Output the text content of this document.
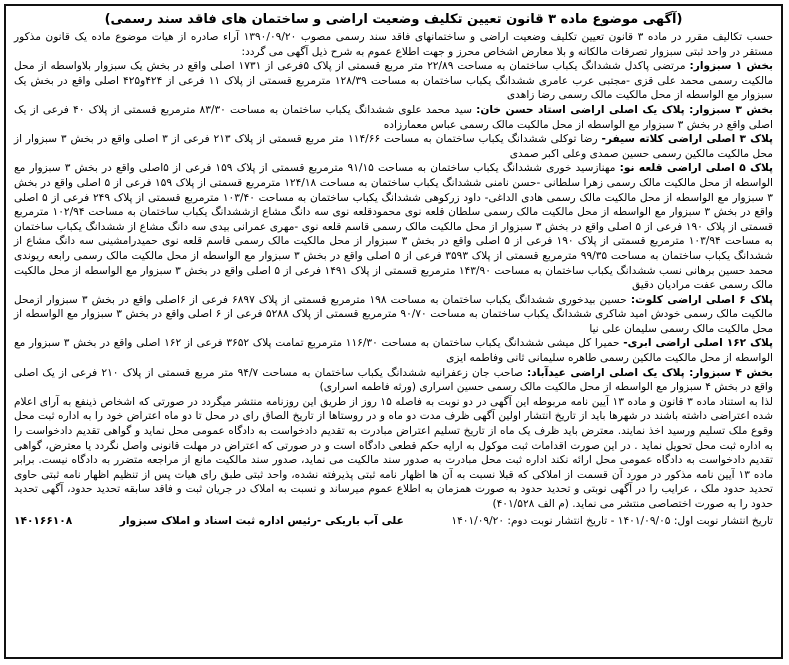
(آگهی موضوع ماده ۳ قانون تعیین تکلیف وضعیت اراضی و ساختمان های فاقد سند رسمی)

حسب تکالیف مقرر در ماده ۳ قانون تعیین تکلیف وضعیت اراضی و ساختمانهای فاقد سند رسمی مصوب ۱۳۹۰/۰۹/۲۰ آراء صادره از هیات موضوع ماده یک قانون مذکور مستقر در واحد ثبتی سبزوار تصرفات مالکانه و بلا معارض اشخاص محرز و جهت اطلاع عموم به شرح ذیل آگهی می گردد:

بخش ۱ سبزوار: مرتضی پاکدل ششدانگ یکباب ساختمان به مساحت ۲۲/۸۹ متر مربع قسمتی از پلاک ۵فرعی از ۱۷۳۱ اصلی واقع در بخش یک سبزوار بلاواسطه از محل مالکیت رسمی محمد علی قزی -مجتبی عرب عامری ششدانگ یکباب ساختمان به مساحت ۱۲۸/۳۹ مترمربع قسمتی از پلاک ۱۱ فرعی از ۴۲۴و۴۲۵ اصلی واقع در بخش یک سبزوار مع الواسطه از محل مالکیت مالک رسمی رضا زاهدی

بخش ۳ سبزوار: پلاک یک اصلی اراضی استاد حسن خان: سید محمد علوی ششدانگ یکباب ساختمان به مساحت ۸۳/۳۰ مترمربع قسمتی از پلاک ۴۰ فرعی از یک اصلی واقع در بخش ۳ سبزوار مع الواسطه از محل مالکیت مالک رسمی عباس معمارزاده

پلاک ۳ اصلی اراضی کلاته سیفر- رضا توکلی ششدانگ یکباب ساختمان به مساحت ۱۱۴/۶۶ متر مربع قسمتی از پلاک ۲۱۳ فرعی از ۳ اصلی واقع در بخش ۳ سبزوار از محل مالکیت مالکین رسمی حسین صمدی وعلی اکبر صمدی

پلاک ۵ اصلی اراضی قلعه نو: مهنازسید خوری ششدانگ یکباب ساختمان به مساحت ۹۱/۱۵ مترمربع قسمتی از پلاک ۱۵۹ فرعی از ۵اصلی واقع در بخش ۳ سبزوار مع الواسطه از محل مالکیت مالک رسمی زهرا سلطانی -حسن نامنی ششدانگ یکباب ساختمان به مساحت ۱۲۴/۱۸ مترمربع قسمتی از پلاک ۱۵۹ فرعی از ۵ اصلی واقع در بخش ۳ سبزوار مع الواسطه از محل مالکیت مالک رسمی هادی الداغی- داود زرکوهی ششدانگ یکباب ساختمان به مساحت ۱۰۳/۴۰ مترمربع قسمتی از پلاک ۲۴۹ فرعی از ۵ اصلی واقع در بخش ۳ سبزوار مع الواسطه از محل مالکیت مالک رسمی سلطان قلعه نوی محمودقلعه نوی سه دانگ مشاع ازششدانگ یکباب ساختمان به مساحت ۱۰۲/۹۴ مترمربع قسمتی از پلاک ۱۹۰ فرعی از ۵ اصلی واقع در بخش ۳ سبزوار از محل مالکیت مالک رسمی قاسم قلعه نوی -مهری عمرانی بیدی سه دانگ مشاع از ششدانگ یکباب ساختمان به مساحت ۱۰۳/۹۴ مترمربع قسمتی از پلاک ۱۹۰ فرعی از ۵ اصلی واقع در بخش ۳ سبزوار از محل مالکیت مالک رسمی قاسم قلعه نوی حمیدرامشینی سه دانگ مشاع از ششدانگ یکباب ساختمان به مساحت ۹۹/۳۵ مترمربع قسمتی از پلاک ۳۵۹۳ فرعی از ۵ اصلی واقع در بخش ۳ سبزوار مع الواسطه از محل مالکیت مالک رسمی رابعه ریوندی محمد حسین برهانی نسب ششدانگ یکباب ساختمان به مساحت ۱۴۳/۹۰ مترمربع قسمتی از پلاک ۱۴۹۱ فرعی از ۵ اصلی واقع در بخش ۳ سبزوار مع الواسطه از محل مالکیت مالک رسمی عفت مرادیان دقیق

پلاک ۶ اصلی اراضی کلوت: حسین بیدخوری ششدانگ یکباب ساختمان به مساحت ۱۹۸ مترمربع قسمتی از پلاک ۶۸۹۷ فرعی از ۶اصلی واقع در بخش ۳ سبزوار ازمحل مالکیت مالک رسمی خودش امید شاکری ششدانگ یکباب ساختمان به مساحت ۹۰/۷۰ مترمربع قسمتی از پلاک ۵۲۸۸ فرعی از ۶ اصلی واقع در بخش ۳ سبزوار مع الواسطه از محل مالکیت مالک رسمی سلیمان علی نیا

پلاک ۱۶۲ اصلی اراضی ابری- حمیرا کل میشی ششدانگ یکباب ساختمان به مساحت ۱۱۶/۳۰ مترمربع تمامت پلاک ۳۶۵۲ فرعی از ۱۶۲ اصلی واقع در بخش ۳ سبزوار مع الواسطه از محل مالکیت مالکین رسمی طاهره سلیمانی ثانی وفاطمه ایزی

بخش ۴ سبزوار: پلاک یک اصلی اراضی عیدآباد: صاحب جان زعفرانیه ششدانگ یکباب ساختمان به مساحت ۹۴/۷ متر مربع قسمتی از پلاک ۲۱۰ فرعی از یک اصلی واقع در بخش ۴ سبزوار مع الواسطه از محل مالکیت مالک رسمی حسین اسراری (ورثه فاطمه اسراری)

لذا به استناد ماده ۳ قانون و ماده ۱۳ آیین نامه مربوطه این آگهی در دو نوبت به فاصله ۱۵ روز از طریق این روزنامه منتشر میگردد در صورتی که اشخاص ذینفع به آرای اعلام شده اعتراضی داشته باشند در شهرها باید از تاریخ انتشار اولین آگهی ظرف مدت دو ماه و در روستاها از تاریخ الصاق رای در محل تا دو ماه اعتراض خود را به اداره ثبت محل وقوع ملک تسلیم ورسید اخذ نمایند. معترض باید ظرف یک ماه از تاریخ تسلیم اعتراض مبادرت به تقدیم دادخواست به دادگاه عمومی محل نماید و گواهی تقدیم دادخواست را به اداره ثبت محل تحویل نماید . در این صورت اقدامات ثبت موکول به ارایه حکم قطعی دادگاه است و در صورتی که اعتراض در مهلت قانونی واصل نگردد یا معترض، گواهی تقدیم دادخواست به دادگاه عمومی محل ارائه نکند اداره ثبت محل مبادرت به صدور سند مالکیت می نماید، صدور سند مالکیت مانع از مراجعه متضرر به دادگاه نیست. برابر ماده ۱۳ آیین نامه مذکور در مورد آن قسمت از املاکی که قبلا نسبت به آن ها اظهار نامه ثبتی پذیرفته نشده، واحد ثبتی طبق رای هیات پس از تنظیم اظهار نامه ثبتی حاوی تحدید حدود ملک ، عرایب را در آگهی نوبتی و تحدید حدود به صورت همزمان به اطلاع عموم میرساند و نسبت به املاک در جریان ثبت و فاقد سابقه تحدید حدود، آگهی تحدید حدود را به صورت اختصاصی منتشر می نماید. (م الف ۴۰۱/۵۲۸)

تاریخ انتشار نوبت اول: ۱۴۰۱/۰۹/۰۵ - تاریخ انتشار نوبت دوم: ۱۴۰۱/۰۹/۲۰
علی آب باریکی -رئیس اداره ثبت اسناد و املاک سبزوار
۱۴۰۱۶۶۱۰۸
